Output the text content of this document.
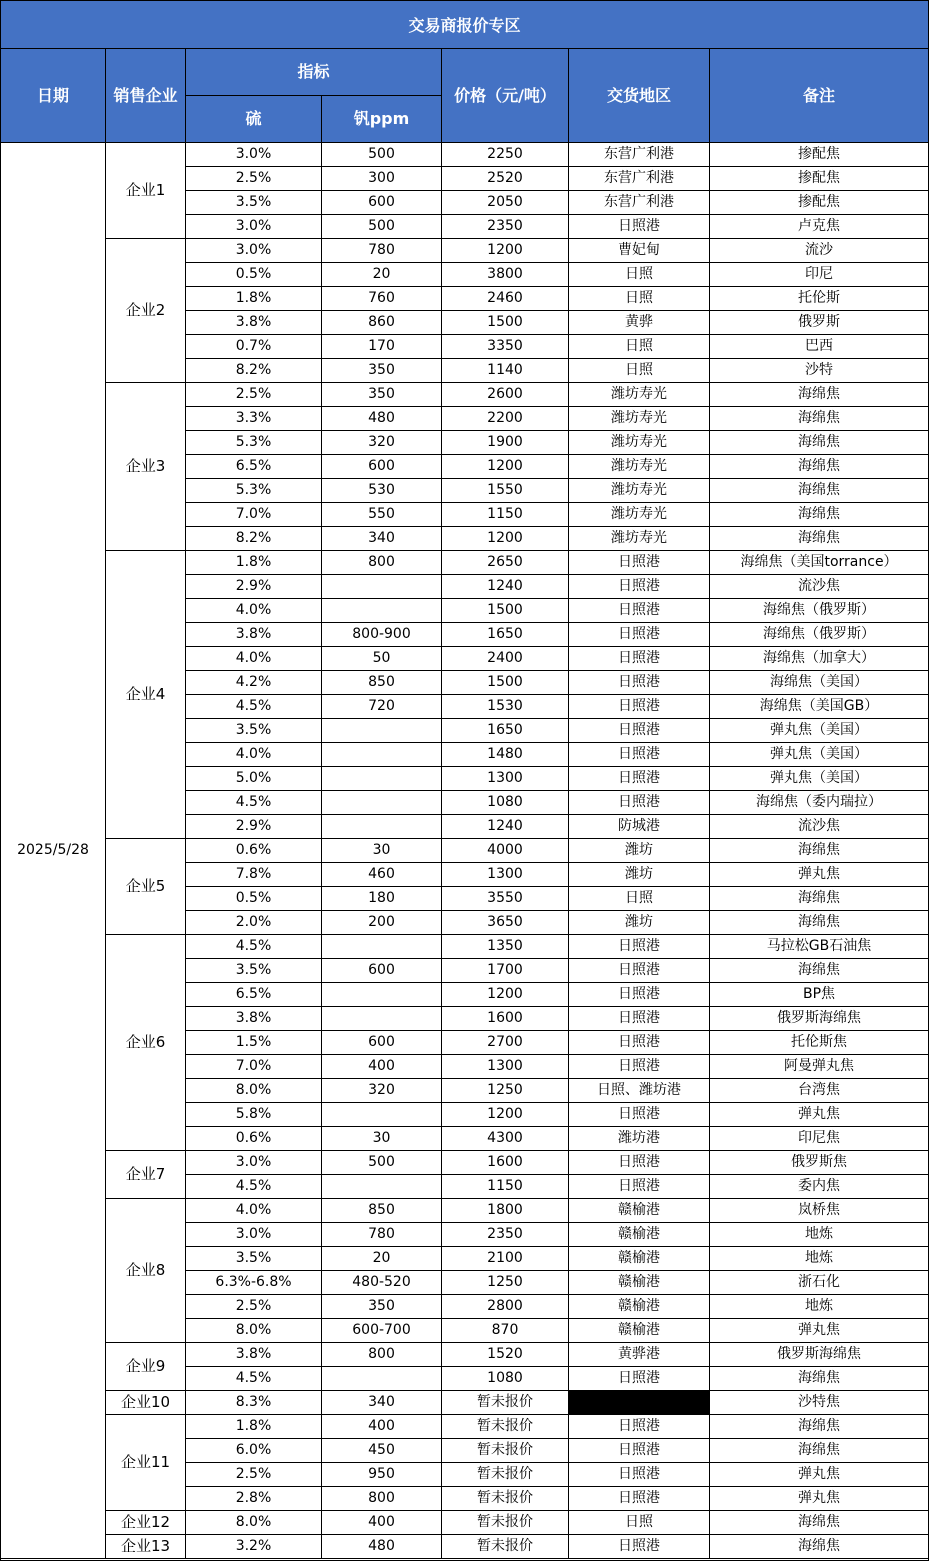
交易商报价专区						
日期	销售企业	指标		价格（元/吨）	交货地区	备注
		硫	钒ppm			
2025/5/28	企业1	3.0%	500	2250	东营广利港	掺配焦
		2.5%	300	2520	东营广利港	掺配焦
		3.5%	600	2050	东营广利港	掺配焦
		3.0%	500	2350	日照港	卢克焦
	企业2	3.0%	780	1200	曹妃甸	流沙
		0.5%	20	3800	日照	印尼
		1.8%	760	2460	日照	托伦斯
		3.8%	860	1500	黄骅	俄罗斯
		0.7%	170	3350	日照	巴西
		8.2%	350	1140	日照	沙特
	企业3	2.5%	350	2600	潍坊寿光	海绵焦
		3.3%	480	2200	潍坊寿光	海绵焦
		5.3%	320	1900	潍坊寿光	海绵焦
		6.5%	600	1200	潍坊寿光	海绵焦
		5.3%	530	1550	潍坊寿光	海绵焦
		7.0%	550	1150	潍坊寿光	海绵焦
		8.2%	340	1200	潍坊寿光	海绵焦
	企业4	1.8%	800	2650	日照港	海绵焦（美国torrance）
		2.9%		1240	日照港	流沙焦
		4.0%		1500	日照港	海绵焦（俄罗斯）
		3.8%	800-900	1650	日照港	海绵焦（俄罗斯）
		4.0%	50	2400	日照港	海绵焦（加拿大）
		4.2%	850	1500	日照港	海绵焦（美国）
		4.5%	720	1530	日照港	海绵焦（美国GB）
		3.5%		1650	日照港	弹丸焦（美国）
		4.0%		1480	日照港	弹丸焦（美国）
		5.0%		1300	日照港	弹丸焦（美国）
		4.5%		1080	日照港	海绵焦（委内瑞拉）
		2.9%		1240	防城港	流沙焦
	企业5	0.6%	30	4000	潍坊	海绵焦
		7.8%	460	1300	潍坊	弹丸焦
		0.5%	180	3550	日照	海绵焦
		2.0%	200	3650	潍坊	海绵焦
	企业6	4.5%		1350	日照港	马拉松GB石油焦
		3.5%	600	1700	日照港	海绵焦
		6.5%		1200	日照港	BP焦
		3.8%		1600	日照港	俄罗斯海绵焦
		1.5%	600	2700	日照港	托伦斯焦
		7.0%	400	1300	日照港	阿曼弹丸焦
		8.0%	320	1250	日照、潍坊港	台湾焦
		5.8%		1200	日照港	弹丸焦
		0.6%	30	4300	潍坊港	印尼焦
	企业7	3.0%	500	1600	日照港	俄罗斯焦
		4.5%		1150	日照港	委内焦
	企业8	4.0%	850	1800	赣榆港	岚桥焦
		3.0%	780	2350	赣榆港	地炼
		3.5%	20	2100	赣榆港	地炼
		6.3%-6.8%	480-520	1250	赣榆港	浙石化
		2.5%	350	2800	赣榆港	地炼
		8.0%	600-700	870	赣榆港	弹丸焦
	企业9	3.8%	800	1520	黄骅港	俄罗斯海绵焦
		4.5%		1080	日照港	海绵焦
	企业10	8.3%	340	暂未报价		沙特焦
	企业11	1.8%	400	暂未报价	日照港	海绵焦
		6.0%	450	暂未报价	日照港	海绵焦
		2.5%	950	暂未报价	日照港	弹丸焦
		2.8%	800	暂未报价	日照港	弹丸焦
	企业12	8.0%	400	暂未报价	日照	海绵焦
	企业13	3.2%	480	暂未报价	日照港	海绵焦
